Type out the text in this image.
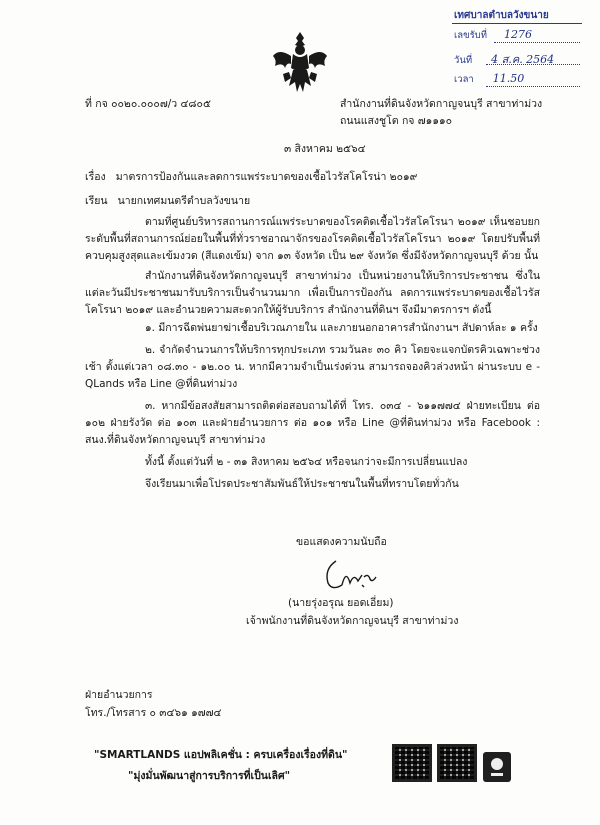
เทศบาลตำบลวังขนาย
เลขรับที่ 1276
วันที่ 4 ส.ค. 2564
เวลา 11.50
ที่ กจ ๐๐๒๐.๐๐๐๗/ว ๔๘๐๕	สำนักงานที่ดินจังหวัดกาญจนบุรี สาขาท่าม่วง
ถนนแสงชูโต กจ ๗๑๑๑๐
๓ สิงหาคม ๒๕๖๔
เรื่อง มาตรการป้องกันและลดการแพร่ระบาดของเชื้อไวรัสโคโรน่า ๒๐๑๙
เรียน นายกเทศมนตรีตำบลวังขนาย
ตามที่ศูนย์บริหารสถานการณ์แพร่ระบาดของโรคติดเชื้อไวรัสโคโรนา ๒๐๑๙ เห็นชอบยกระดับพื้นที่สถานการณ์ย่อยในพื้นที่ทั่วราชอาณาจักรของโรคติดเชื้อไวรัสโคโรนา ๒๐๑๙ โดยปรับพื้นที่ควบคุมสูงสุดและเข้มงวด (สีแดงเข้ม) จาก ๑๓ จังหวัด เป็น ๒๙ จังหวัด ซึ่งมีจังหวัดกาญจนบุรี ด้วย นั้น
สำนักงานที่ดินจังหวัดกาญจนบุรี สาขาท่าม่วง เป็นหน่วยงานให้บริการประชาชน ซึ่งในแต่ละวันมีประชาชนมารับบริการเป็นจำนวนมาก เพื่อเป็นการป้องกัน ลดการแพร่ระบาดของเชื้อไวรัสโคโรนา ๒๐๑๙ และอำนวยความสะดวกให้ผู้รับบริการ สำนักงานที่ดินฯ จึงมีมาตรการฯ ดังนี้
๑. มีการฉีดพ่นยาฆ่าเชื้อบริเวณภายใน และภายนอกอาคารสำนักงานฯ สัปดาห์ละ ๑ ครั้ง
๒. จำกัดจำนวนการให้บริการทุกประเภท รวมวันละ ๓๐ คิว โดยจะแจกบัตรคิวเฉพาะช่วงเช้า ตั้งแต่เวลา ๐๘.๓๐ - ๑๒.๐๐ น. หากมีความจำเป็นเร่งด่วน สามารถจองคิวล่วงหน้า ผ่านระบบ e - QLands หรือ Line @ที่ดินท่าม่วง
๓. หากมีข้อสงสัยสามารถติดต่อสอบถามได้ที่ โทร. ๐๓๔ - ๖๑๑๗๗๔ ฝ่ายทะเบียน ต่อ ๑๐๒ ฝ่ายรังวัด ต่อ ๑๐๓ และฝ่ายอำนวยการ ต่อ ๑๐๑ หรือ Line @ที่ดินท่าม่วง หรือ Facebook : สนง.ที่ดินจังหวัดกาญจนบุรี สาขาท่าม่วง
ทั้งนี้ ตั้งแต่วันที่ ๒ - ๓๑ สิงหาคม ๒๕๖๔ หรือจนกว่าจะมีการเปลี่ยนแปลง
จึงเรียนมาเพื่อโปรดประชาสัมพันธ์ให้ประชาชนในพื้นที่ทราบโดยทั่วกัน
ขอแสดงความนับถือ
(นายรุ่งอรุณ ยอดเอี่ยม)
เจ้าพนักงานที่ดินจังหวัดกาญจนบุรี สาขาท่าม่วง
ฝ่ายอำนวยการ
โทร./โทรสาร ๐ ๓๔๖๑ ๑๗๗๔
"SMARTLANDS แอปพลิเคชั่น : ครบเครื่องเรื่องที่ดิน"
"มุ่งมั่นพัฒนาสู่การบริการที่เป็นเลิศ"
